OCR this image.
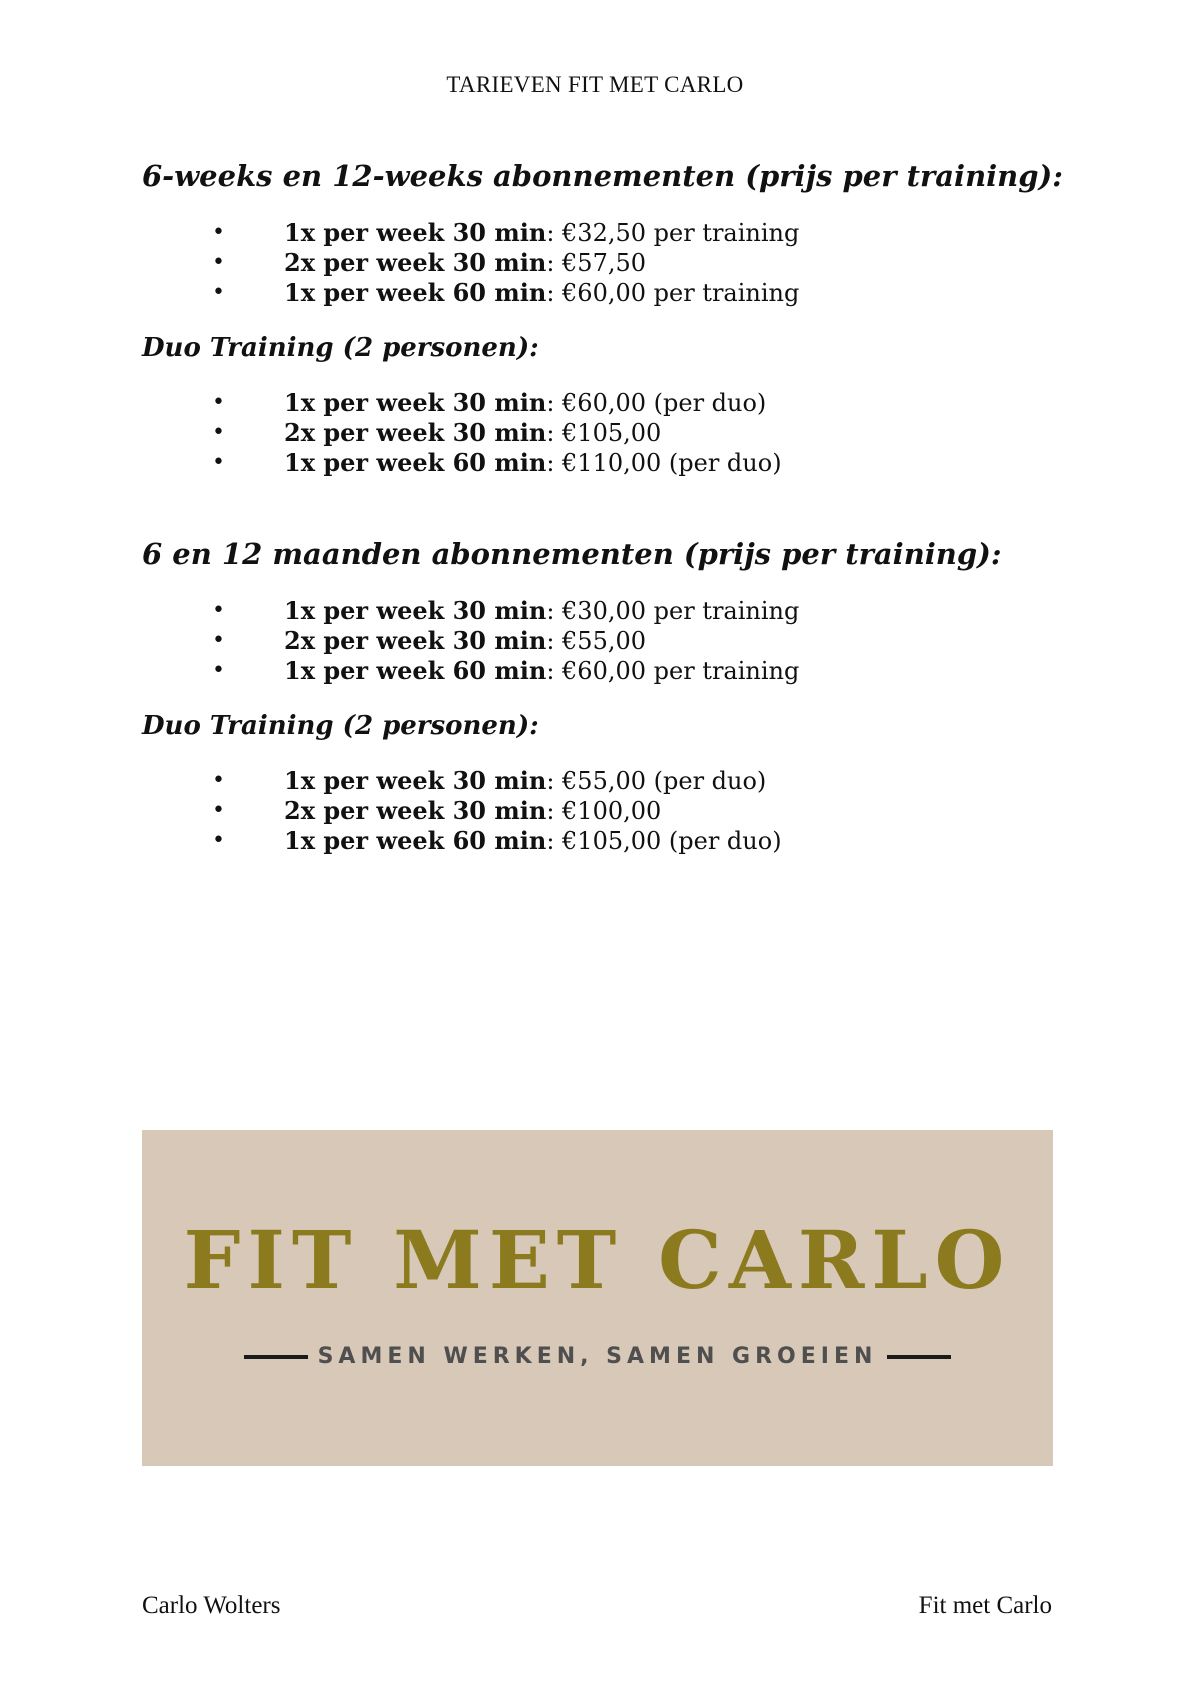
TARIEVEN FIT MET CARLO
6-weeks en 12-weeks abonnementen (prijs per training):
• 1x per week 30 min: €32,50 per training
• 2x per week 30 min: €57,50
• 1x per week 60 min: €60,00 per training
Duo Training (2 personen):
• 1x per week 30 min: €60,00 (per duo)
• 2x per week 30 min: €105,00
• 1x per week 60 min: €110,00 (per duo)
6 en 12 maanden abonnementen (prijs per training):
• 1x per week 30 min: €30,00 per training
• 2x per week 30 min: €55,00
• 1x per week 60 min: €60,00 per training
Duo Training (2 personen):
• 1x per week 30 min: €55,00 (per duo)
• 2x per week 30 min: €100,00
• 1x per week 60 min: €105,00 (per duo)
FIT MET CARLO
SAMEN WERKEN, SAMEN GROEIEN
Carlo Wolters	Fit met Carlo
